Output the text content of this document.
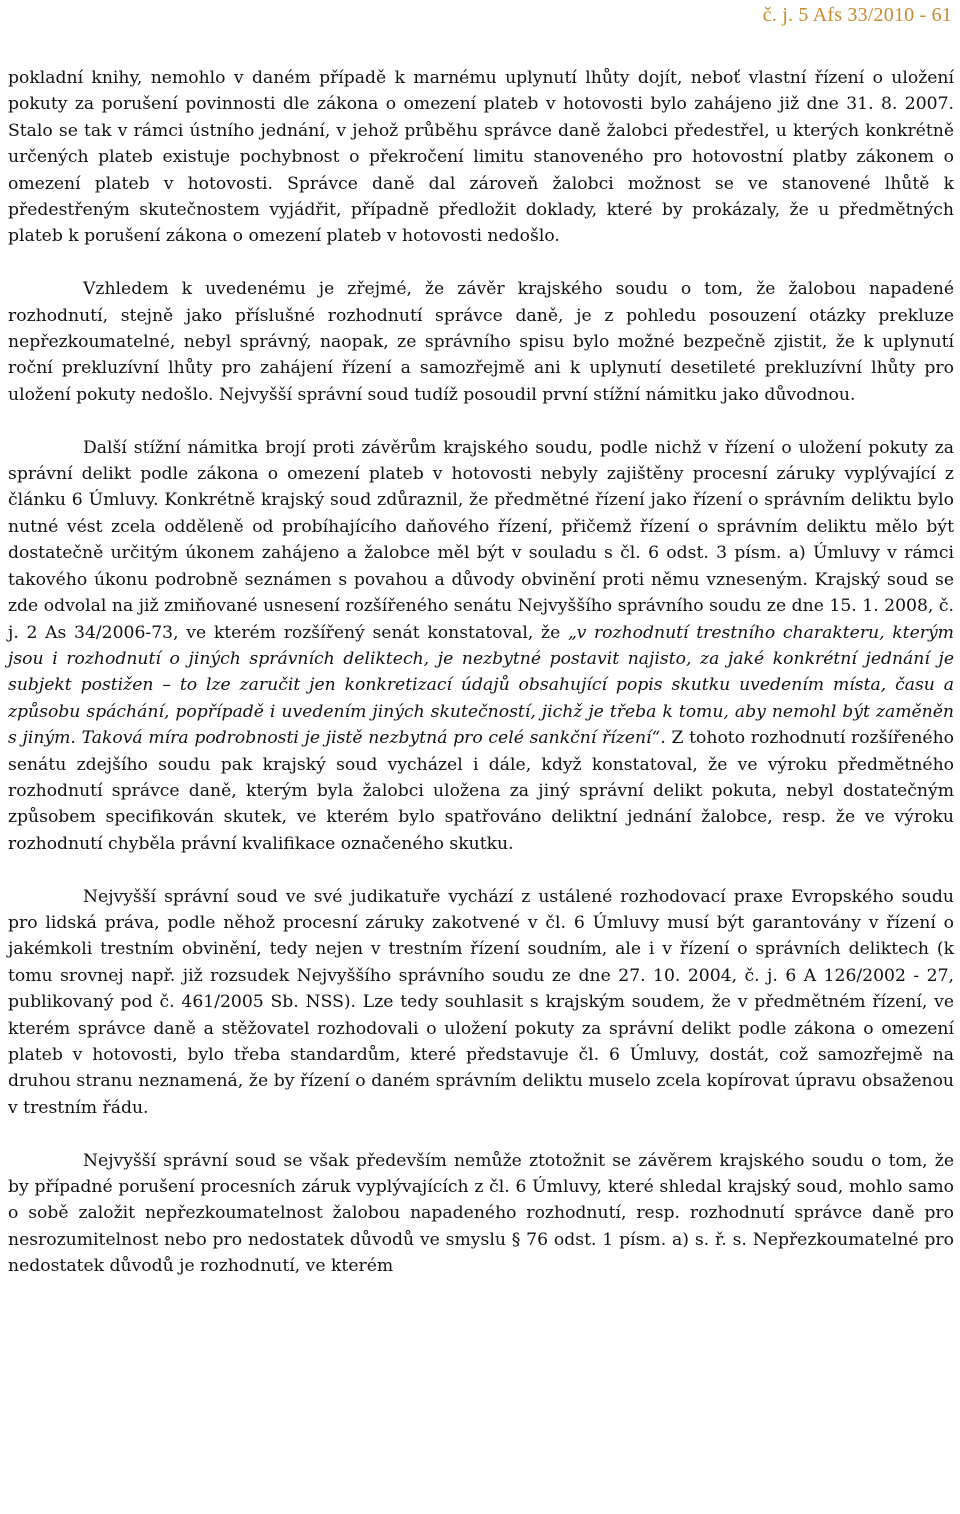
č. j. 5 Afs 33/2010 - 61

pokladní knihy, nemohlo v daném případě k marnému uplynutí lhůty dojít, neboť vlastní řízení o uložení pokuty za porušení povinnosti dle zákona o omezení plateb v hotovosti bylo zahájeno již dne 31. 8. 2007. Stalo se tak v rámci ústního jednání, v jehož průběhu správce daně žalobci předestřel, u kterých konkrétně určených plateb existuje pochybnost o překročení limitu stanoveného pro hotovostní platby zákonem o omezení plateb v hotovosti. Správce daně dal zároveň žalobci možnost se ve stanovené lhůtě k předestřeným skutečnostem vyjádřit, případně předložit doklady, které by prokázaly, že u předmětných plateb k porušení zákona o omezení plateb v hotovosti nedošlo.

Vzhledem k uvedenému je zřejmé, že závěr krajského soudu o tom, že žalobou napadené rozhodnutí, stejně jako příslušné rozhodnutí správce daně, je z pohledu posouzení otázky prekluze nepřezkoumatelné, nebyl správný, naopak, ze správního spisu bylo možné bezpečně zjistit, že k uplynutí roční prekluzívní lhůty pro zahájení řízení a samozřejmě ani k uplynutí desetileté prekluzívní lhůty pro uložení pokuty nedošlo. Nejvyšší správní soud tudíž posoudil první stížní námitku jako důvodnou.

Další stížní námitka brojí proti závěrům krajského soudu, podle nichž v řízení o uložení pokuty za správní delikt podle zákona o omezení plateb v hotovosti nebyly zajištěny procesní záruky vyplývající z článku 6 Úmluvy. Konkrétně krajský soud zdůraznil, že předmětné řízení jako řízení o správním deliktu bylo nutné vést zcela odděleně od probíhajícího daňového řízení, přičemž řízení o správním deliktu mělo být dostatečně určitým úkonem zahájeno a žalobce měl být v souladu s čl. 6 odst. 3 písm. a) Úmluvy v rámci takového úkonu podrobně seznámen s povahou a důvody obvinění proti němu vzneseným. Krajský soud se zde odvolal na již zmiňované usnesení rozšířeného senátu Nejvyššího správního soudu ze dne 15. 1. 2008, č. j. 2 As 34/2006-73, ve kterém rozšířený senát konstatoval, že „v rozhodnutí trestního charakteru, kterým jsou i rozhodnutí o jiných správních deliktech, je nezbytné postavit najisto, za jaké konkrétní jednání je subjekt postižen – to lze zaručit jen konkretizací údajů obsahující popis skutku uvedením místa, času a způsobu spáchání, popřípadě i uvedením jiných skutečností, jichž je třeba k tomu, aby nemohl být zaměněn s jiným. Taková míra podrobnosti je jistě nezbytná pro celé sankční řízení“. Z tohoto rozhodnutí rozšířeného senátu zdejšího soudu pak krajský soud vycházel i dále, když konstatoval, že ve výroku předmětného rozhodnutí správce daně, kterým byla žalobci uložena za jiný správní delikt pokuta, nebyl dostatečným způsobem specifikován skutek, ve kterém bylo spatřováno deliktní jednání žalobce, resp. že ve výroku rozhodnutí chyběla právní kvalifikace označeného skutku.

Nejvyšší správní soud ve své judikatuře vychází z ustálené rozhodovací praxe Evropského soudu pro lidská práva, podle něhož procesní záruky zakotvené v čl. 6 Úmluvy musí být garantovány v řízení o jakémkoli trestním obvinění, tedy nejen v trestním řízení soudním, ale i v řízení o správních deliktech (k tomu srovnej např. již rozsudek Nejvyššího správního soudu ze dne 27. 10. 2004, č. j. 6 A 126/2002 - 27, publikovaný pod č. 461/2005 Sb. NSS). Lze tedy souhlasit s krajským soudem, že v předmětném řízení, ve kterém správce daně a stěžovatel rozhodovali o uložení pokuty za správní delikt podle zákona o omezení plateb v hotovosti, bylo třeba standardům, které představuje čl. 6 Úmluvy, dostát, což samozřejmě na druhou stranu neznamená, že by řízení o daném správním deliktu muselo zcela kopírovat úpravu obsaženou v trestním řádu.

Nejvyšší správní soud se však především nemůže ztotožnit se závěrem krajského soudu o tom, že by případné porušení procesních záruk vyplývajících z čl. 6 Úmluvy, které shledal krajský soud, mohlo samo o sobě založit nepřezkoumatelnost žalobou napadeného rozhodnutí, resp. rozhodnutí správce daně pro nesrozumitelnost nebo pro nedostatek důvodů ve smyslu § 76 odst. 1 písm. a) s. ř. s. Nepřezkoumatelné pro nedostatek důvodů je rozhodnutí, ve kterém
